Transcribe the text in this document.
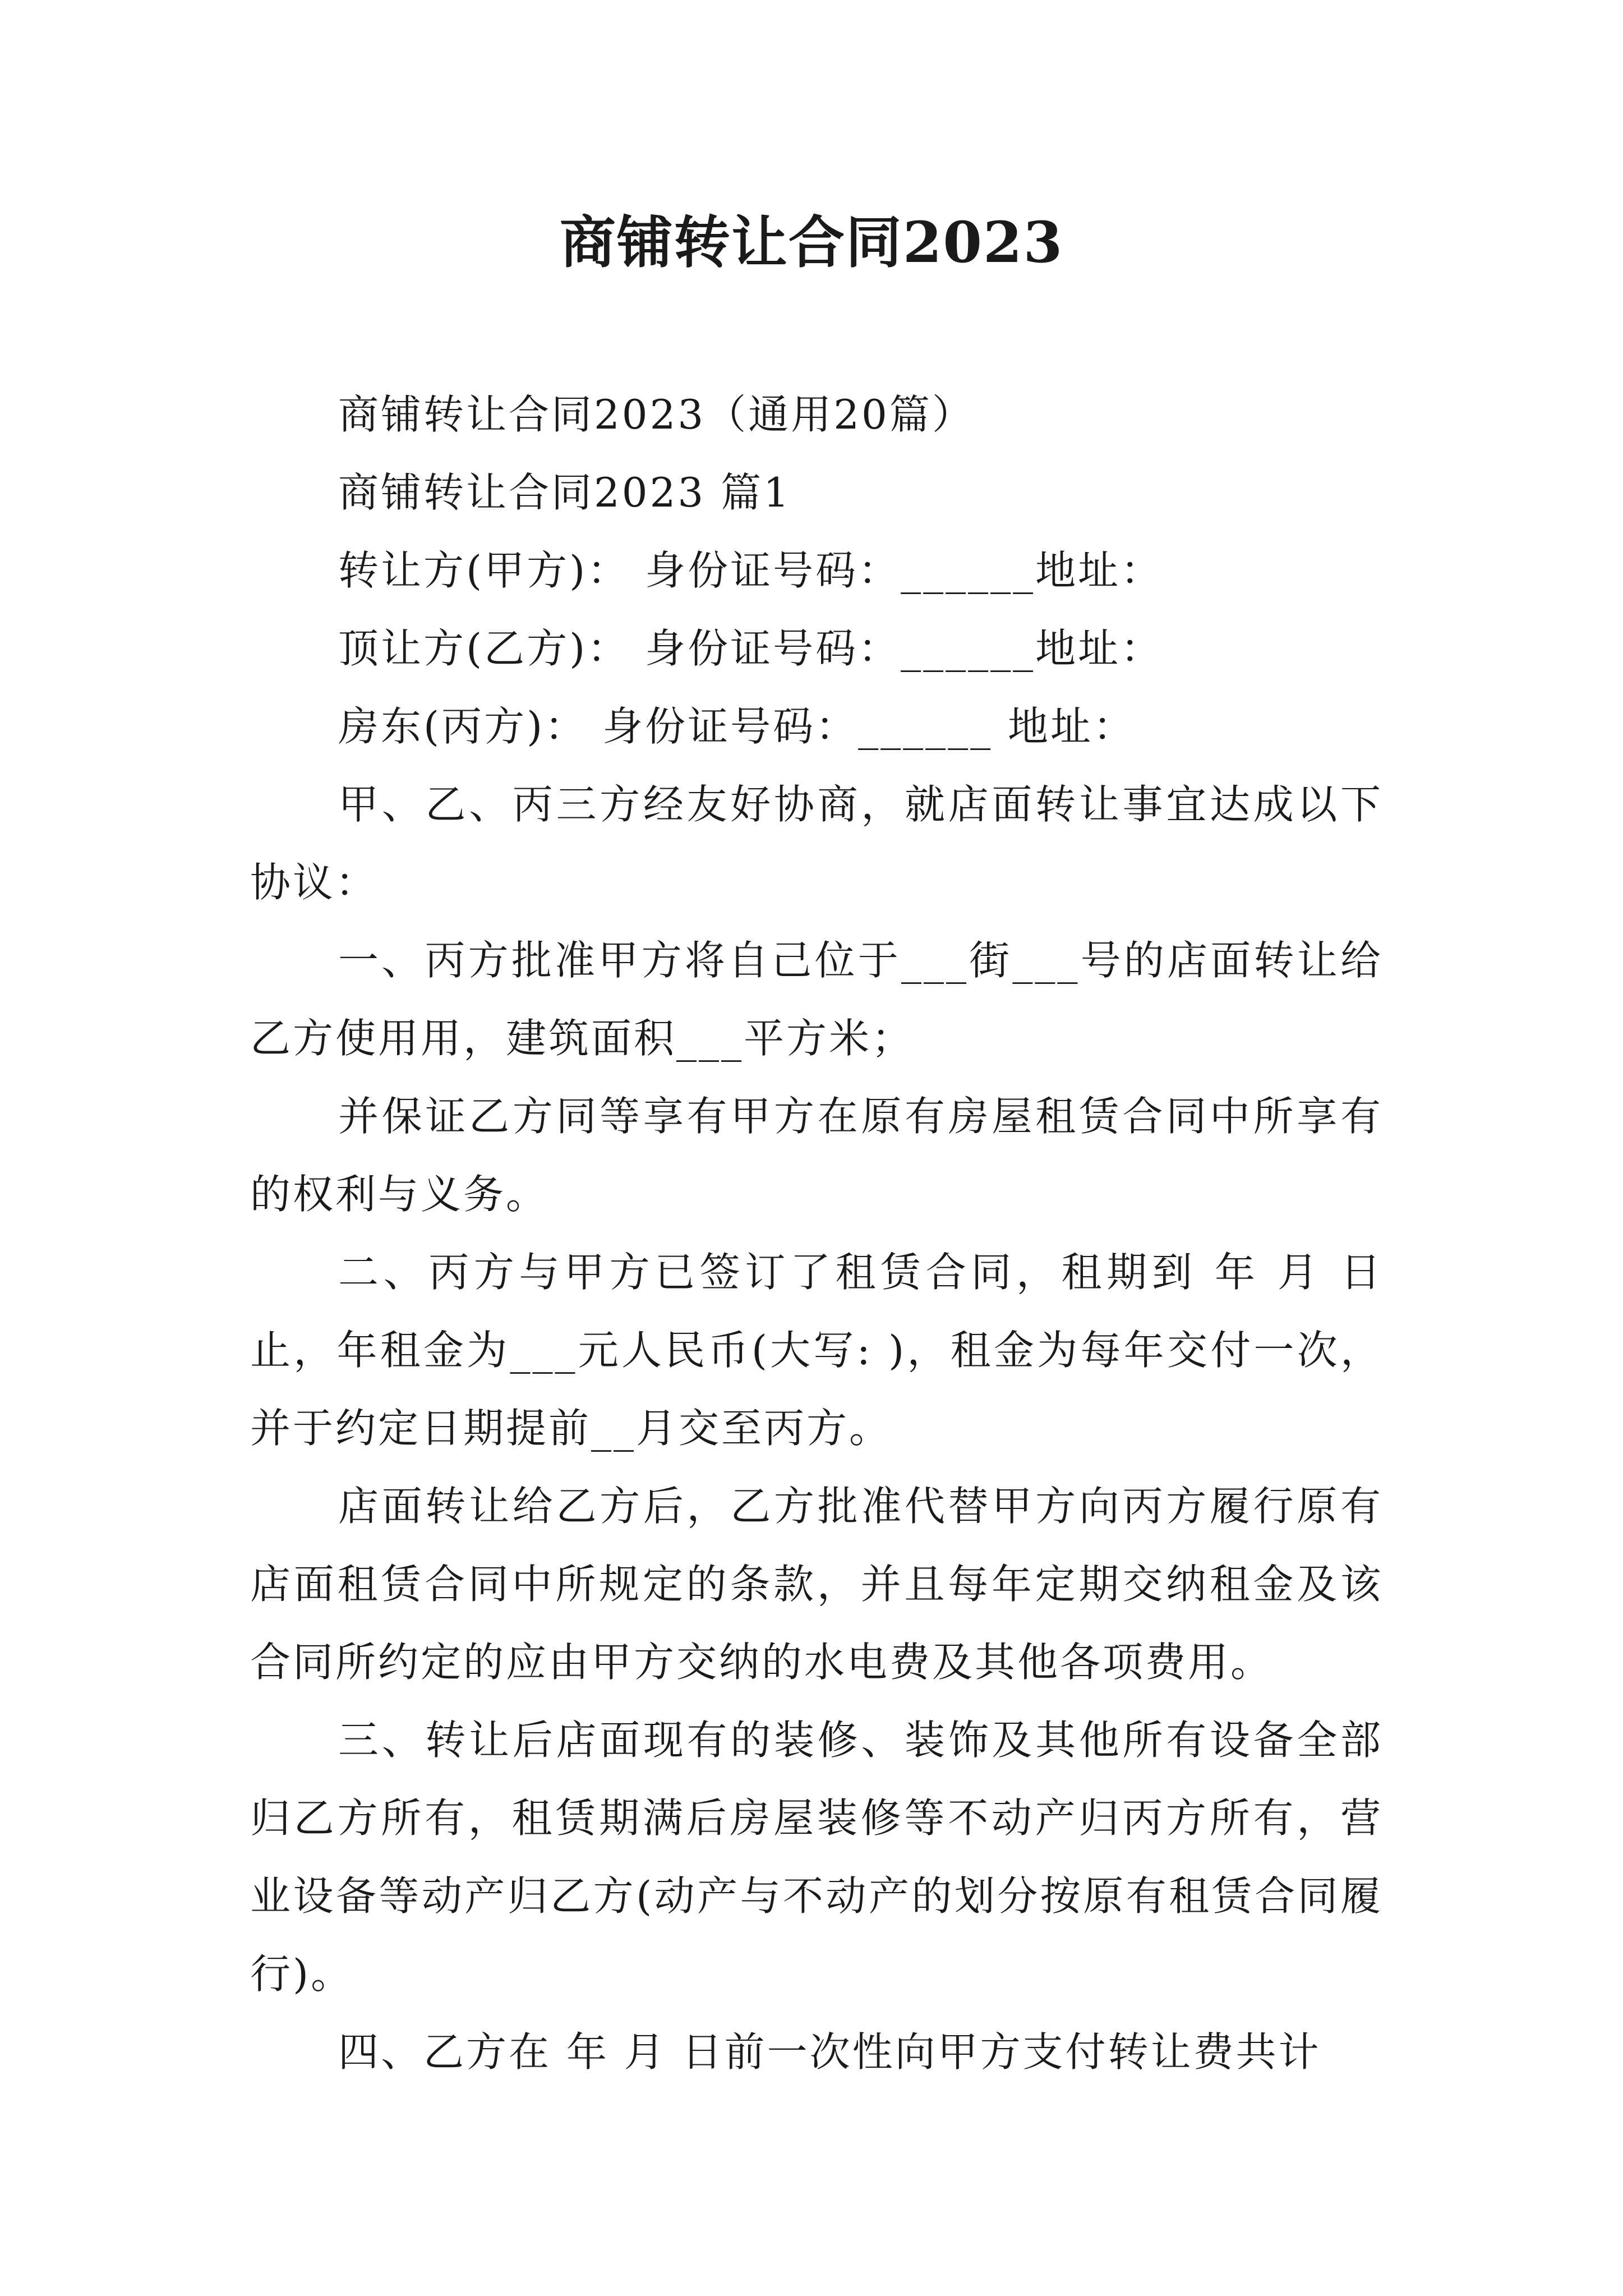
商铺转让合同2023

商铺转让合同2023（通用20篇）

商铺转让合同2023 篇1

转让方(甲方)： 身份证号码：______地址：

顶让方(乙方)： 身份证号码：______地址：

房东(丙方)： 身份证号码：______ 地址：

甲、乙、丙三方经友好协商，就店面转让事宜达成以下协议：

一、丙方批准甲方将自己位于___街___号的店面转让给乙方使用用，建筑面积___平方米；

并保证乙方同等享有甲方在原有房屋租赁合同中所享有的权利与义务。

二、丙方与甲方已签订了租赁合同，租期到 年 月 日止，年租金为___元人民币(大写: )，租金为每年交付一次，并于约定日期提前__月交至丙方。

店面转让给乙方后，乙方批准代替甲方向丙方履行原有店面租赁合同中所规定的条款，并且每年定期交纳租金及该合同所约定的应由甲方交纳的水电费及其他各项费用。

三、转让后店面现有的装修、装饰及其他所有设备全部归乙方所有，租赁期满后房屋装修等不动产归丙方所有，营业设备等动产归乙方(动产与不动产的划分按原有租赁合同履行)。

四、乙方在 年 月 日前一次性向甲方支付转让费共计
